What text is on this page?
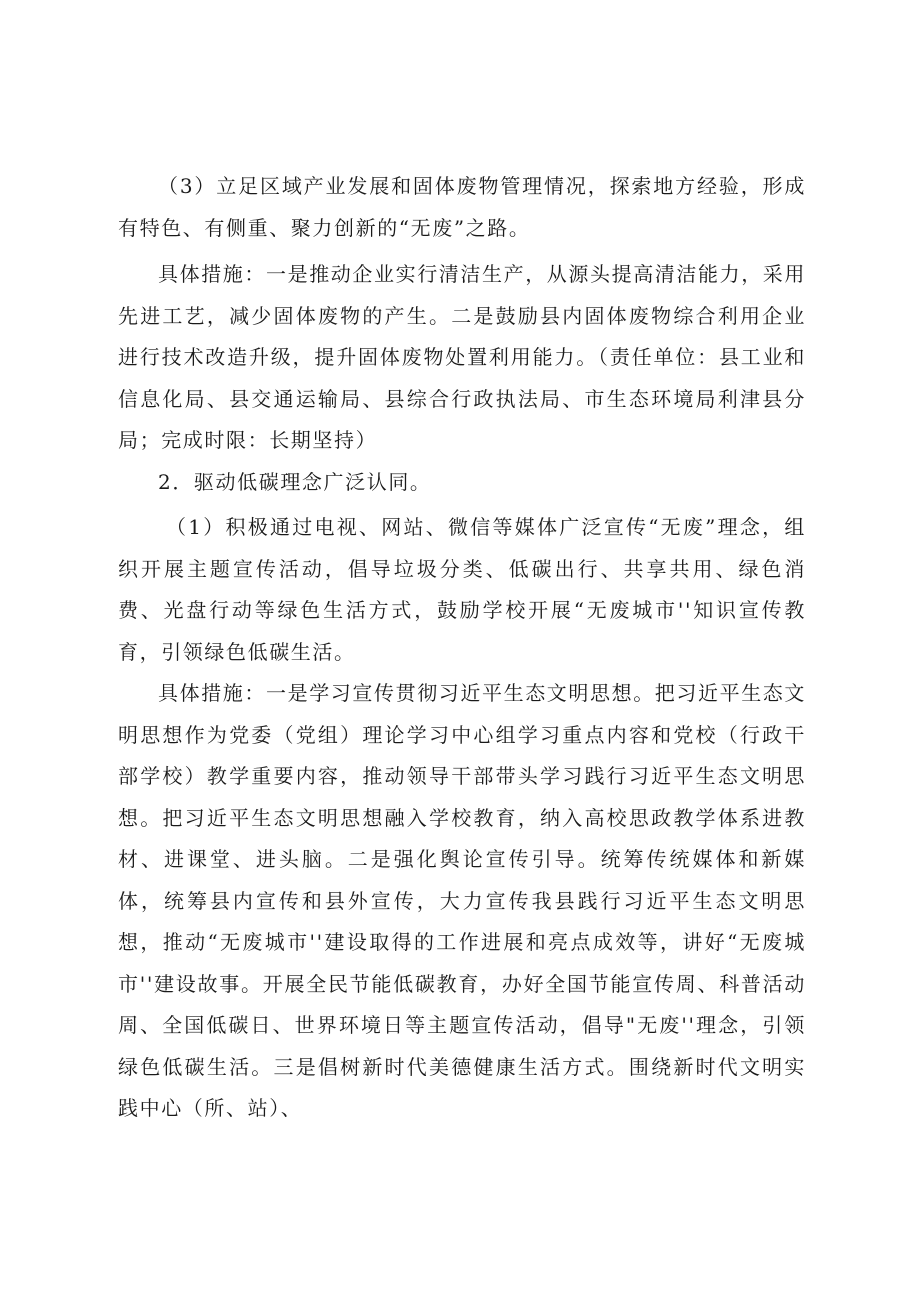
（3）立足区域产业发展和固体废物管理情况，探索地方经验，形成有特色、有侧重、聚力创新的“无废”之路。

具体措施：一是推动企业实行清洁生产，从源头提高清洁能力，采用先进工艺，减少固体废物的产生。二是鼓励县内固体废物综合利用企业进行技术改造升级，提升固体废物处置利用能力。（责任单位：县工业和信息化局、县交通运输局、县综合行政执法局、市生态环境局利津县分局；完成时限：长期坚持）

2．驱动低碳理念广泛认同。

（1）积极通过电视、网站、微信等媒体广泛宣传“无废”理念，组织开展主题宣传活动，倡导垃圾分类、低碳出行、共享共用、绿色消费、光盘行动等绿色生活方式，鼓励学校开展“无废城市''知识宣传教育，引领绿色低碳生活。

具体措施：一是学习宣传贯彻习近平生态文明思想。把习近平生态文明思想作为党委（党组）理论学习中心组学习重点内容和党校（行政干部学校）教学重要内容，推动领导干部带头学习践行习近平生态文明思想。把习近平生态文明思想融入学校教育，纳入高校思政教学体系进教材、进课堂、进头脑。二是强化舆论宣传引导。统筹传统媒体和新媒体，统筹县内宣传和县外宣传，大力宣传我县践行习近平生态文明思想，推动“无废城市''建设取得的工作进展和亮点成效等，讲好“无废城市''建设故事。开展全民节能低碳教育，办好全国节能宣传周、科普活动周、全国低碳日、世界环境日等主题宣传活动，倡导"无废''理念，引领绿色低碳生活。三是倡树新时代美德健康生活方式。围绕新时代文明实践中心（所、站）、
